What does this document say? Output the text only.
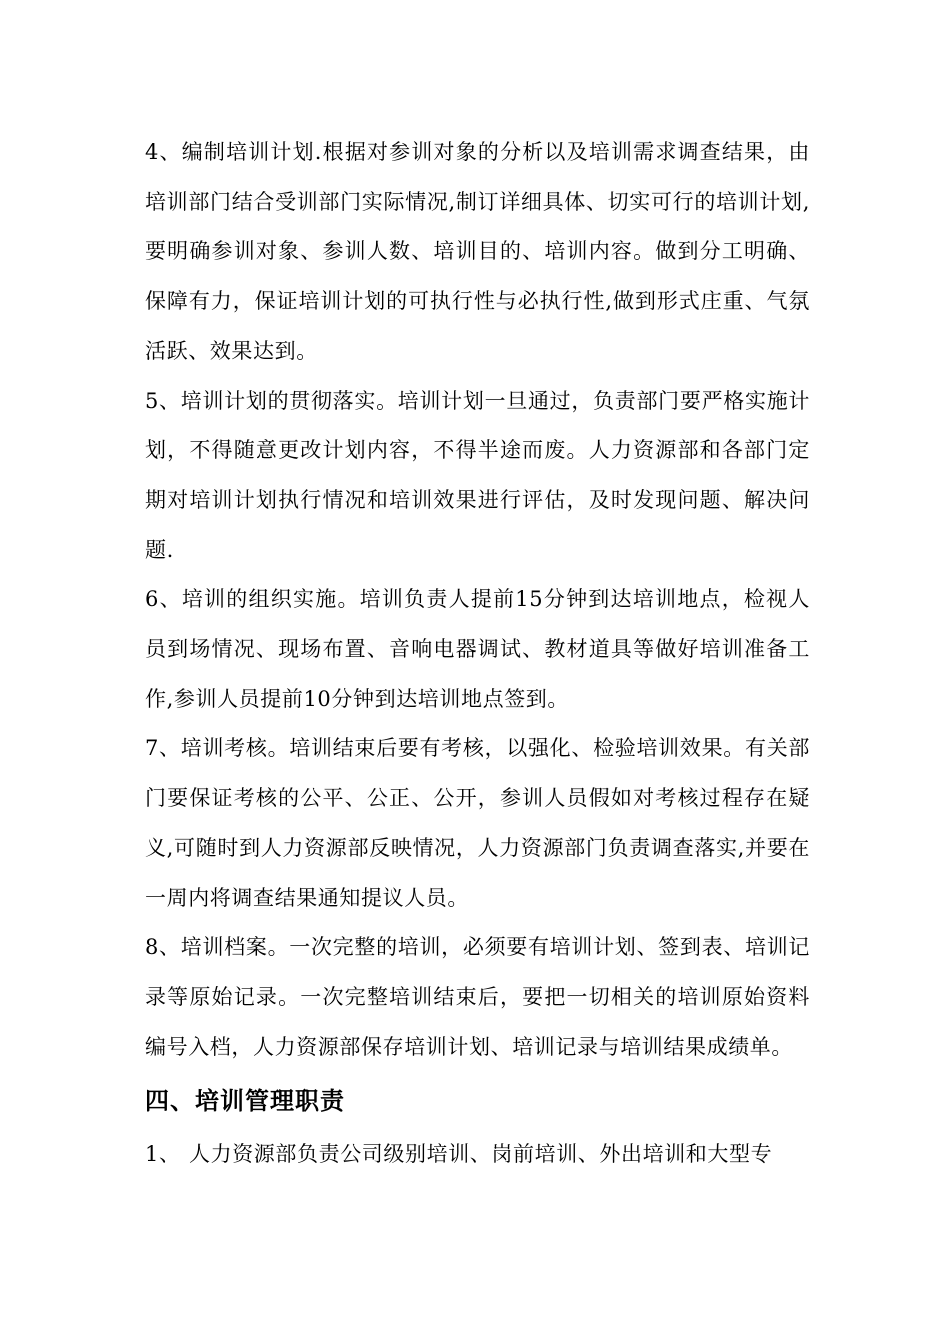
4、编制培训计划.根据对参训对象的分析以及培训需求调查结果，由培训部门结合受训部门实际情况,制订详细具体、切实可行的培训计划,要明确参训对象、参训人数、培训目的、培训内容。做到分工明确、保障有力，保证培训计划的可执行性与必执行性,做到形式庄重、气氛活跃、效果达到。

5、培训计划的贯彻落实。培训计划一旦通过，负责部门要严格实施计划，不得随意更改计划内容，不得半途而废。人力资源部和各部门定期对培训计划执行情况和培训效果进行评估，及时发现问题、解决问题.

6、培训的组织实施。培训负责人提前15分钟到达培训地点，检视人员到场情况、现场布置、音响电器调试、教材道具等做好培训准备工作,参训人员提前10分钟到达培训地点签到。

7、培训考核。培训结束后要有考核，以强化、检验培训效果。有关部门要保证考核的公平、公正、公开，参训人员假如对考核过程存在疑义,可随时到人力资源部反映情况，人力资源部门负责调查落实,并要在一周内将调查结果通知提议人员。

8、培训档案。一次完整的培训，必须要有培训计划、签到表、培训记录等原始记录。一次完整培训结束后，要把一切相关的培训原始资料编号入档，人力资源部保存培训计划、培训记录与培训结果成绩单。

四、培训管理职责

1、 人力资源部负责公司级别培训、岗前培训、外出培训和大型专
